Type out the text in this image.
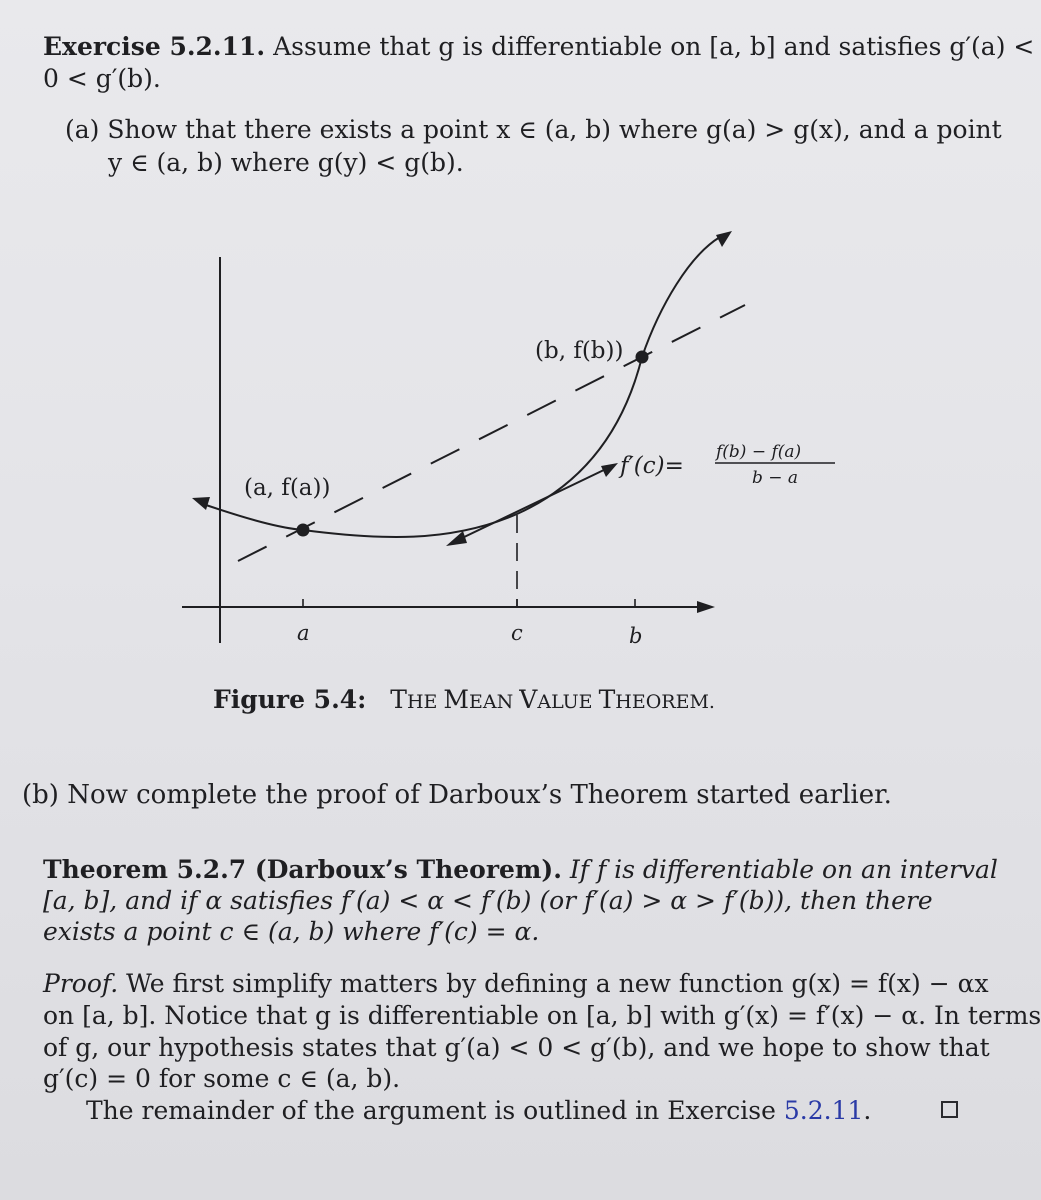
Exercise 5.2.11. Assume that g is differentiable on [a, b] and satisfies g′(a) <
0 < g′(b).
(a) Show that there exists a point x ∈ (a, b) where g(a) > g(x), and a point
y ∈ (a, b) where g(y) < g(b).
(a, f(a))
(b, f(b))
f′(c)=
f(b) − f(a)
b − a
a	c	b
Figure 5.4: THE MEAN VALUE THEOREM.
(b) Now complete the proof of Darboux’s Theorem started earlier.
Theorem 5.2.7 (Darboux’s Theorem). If f is differentiable on an interval
[a, b], and if α satisfies f′(a) < α < f′(b) (or f′(a) > α > f′(b)), then there
exists a point c ∈ (a, b) where f′(c) = α.
Proof. We first simplify matters by defining a new function g(x) = f(x) − αx
on [a, b]. Notice that g is differentiable on [a, b] with g′(x) = f′(x) − α. In terms
of g, our hypothesis states that g′(a) < 0 < g′(b), and we hope to show that
g′(c) = 0 for some c ∈ (a, b).
The remainder of the argument is outlined in Exercise 5.2.11.
